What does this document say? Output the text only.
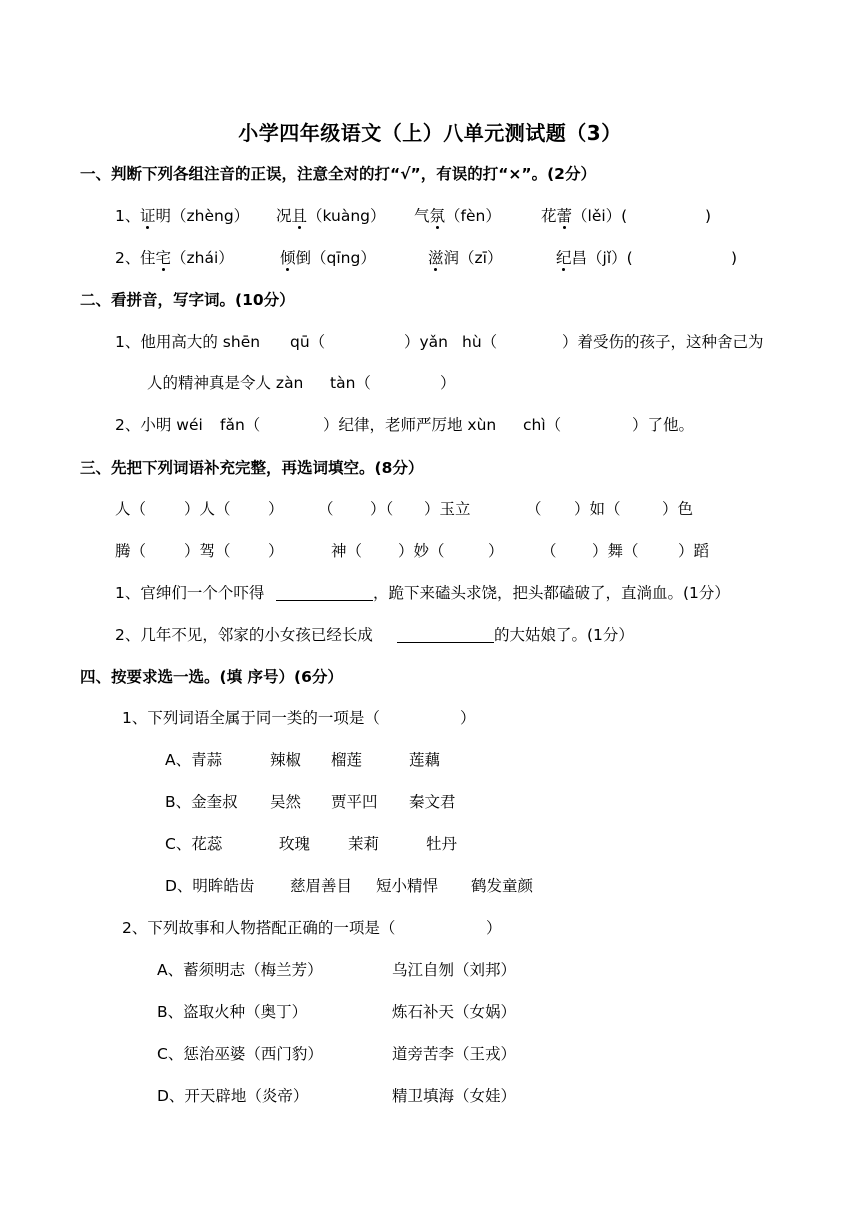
小学四年级语文（上）八单元测试题（3）
一、判断下列各组注音的正误，注意全对的打“√”，有误的打“×”。(2分）
1、 证明（zhèng） 况且（kuàng） 气氛（fèn）	花蕾（lěi）(	)
2、 住宅（zhái）	倾倒（qīng）	滋润（zī）	纪昌（jǐ）(	)
二、看拼音，写字词。(10分）
1、他用高大的 shēn qū（	）yǎn hù（	）着受伤的孩子，这种舍己为
人的精神真是令人 zàn tàn（	）
2、小明 wéi fǎn（	）纪律，老师严厉地 xùn chì（	）了他。
三、先把下列词语补充完整，再选词填空。(8分）
人（ ）人（ ） （ ）（ ）玉立	（ ）如（	）色
腾（ ）驾（ ）	神（ ）妙（	） （ ）舞（	）蹈
1、官绅们一个个吓得	，跪下来磕头求饶，把头都磕破了，直淌血。(1分）
2、几年不见，邻家的小女孩已经长成	的大姑娘了。(1分）
四、按要求选一选。(填 序号）(6分）
1、下列词语全属于同一类的一项是（	）
A、青蒜	辣椒 榴莲	莲藕
B、金奎叔 吴然 贾平凹 秦文君
C、花蕊	玫瑰 茉莉	牡丹
D、明眸皓齿 慈眉善目 短小精悍 鹤发童颜
2、下列故事和人物搭配正确的一项是（	）
A、蓄须明志（梅兰芳）	乌江自刎（刘邦）
B、盗取火种（奥丁）	炼石补天（女娲）
C、惩治巫婆（西门豹）	道旁苦李（王戎）
D、开天辟地（炎帝）	精卫填海（女娃）
